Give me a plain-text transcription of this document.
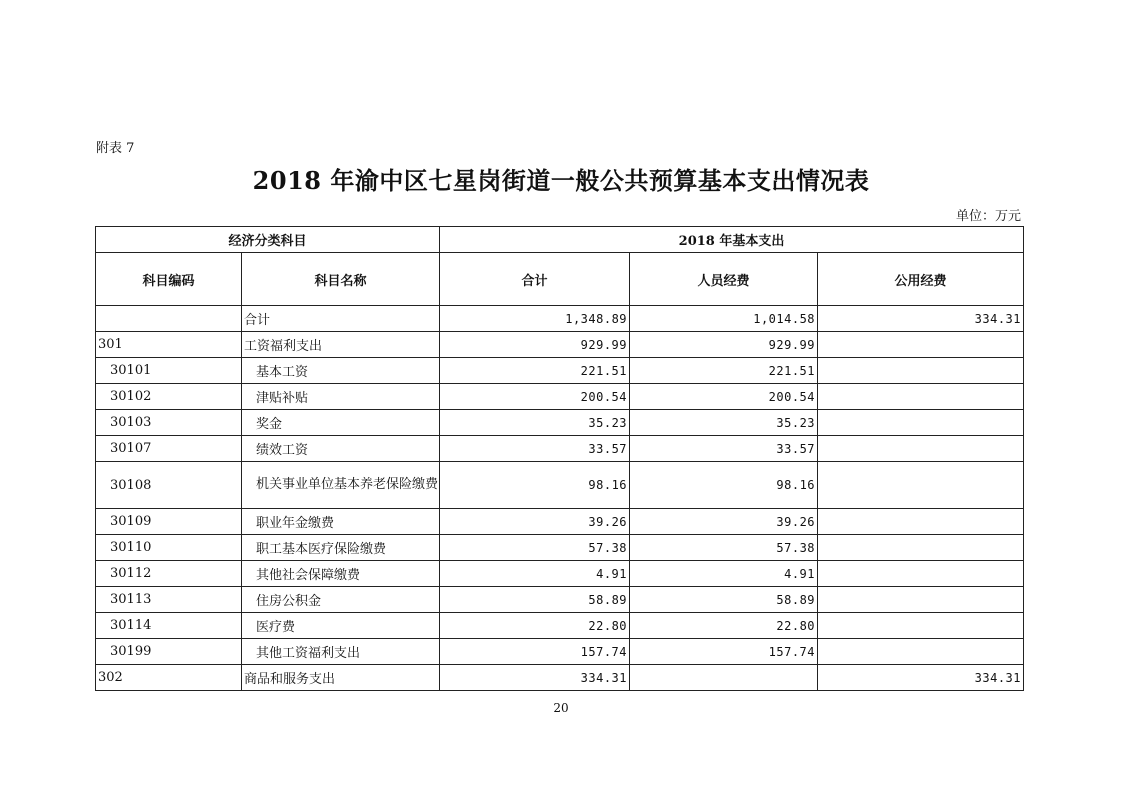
附表 7
2018 年渝中区七星岗街道一般公共预算基本支出情况表
单位：万元
经济分类科目		2018 年基本支出		
科目编码	科目名称	合计	人员经费	公用经费
	合计	1,348.89	1,014.58	334.31
301	工资福利支出	929.99	929.99	
30101	基本工资	221.51	221.51	
30102	津贴补贴	200.54	200.54	
30103	奖金	35.23	35.23	
30107	绩效工资	33.57	33.57	
30108	机关事业单位基本养老保险缴费	98.16	98.16	
30109	职业年金缴费	39.26	39.26	
30110	职工基本医疗保险缴费	57.38	57.38	
30112	其他社会保障缴费	4.91	4.91	
30113	住房公积金	58.89	58.89	
30114	医疗费	22.80	22.80	
30199	其他工资福利支出	157.74	157.74	
302	商品和服务支出	334.31		334.31
20
